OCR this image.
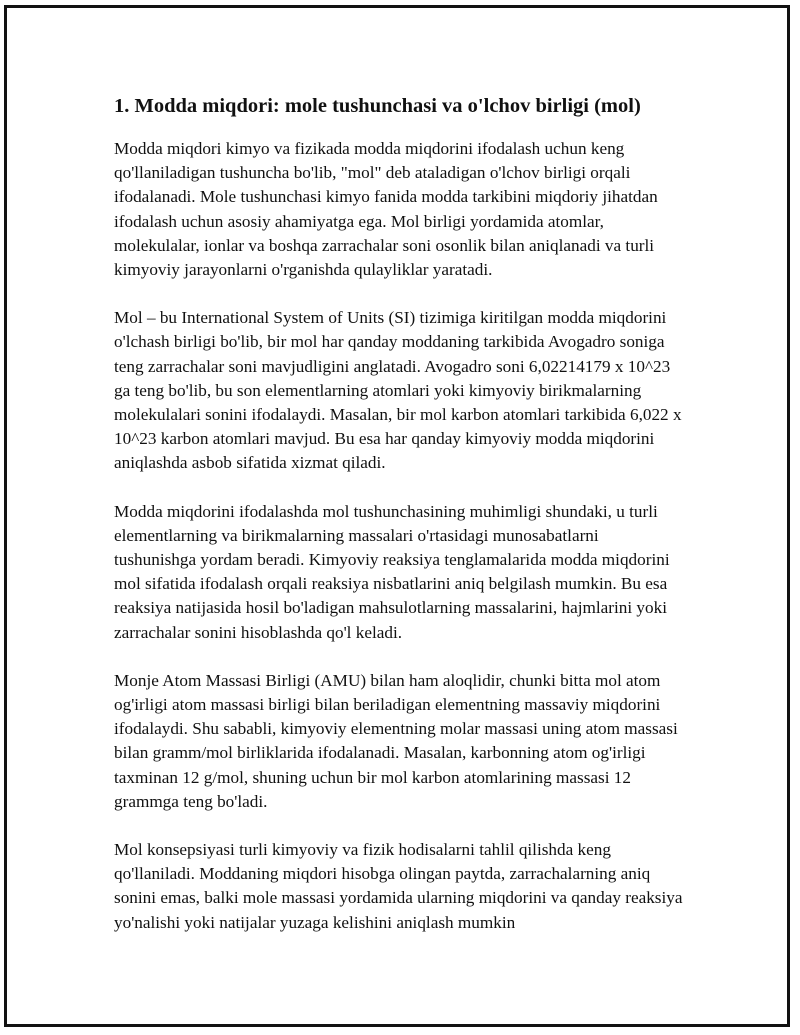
1. Modda miqdori: mole tushunchasi va o'lchov birligi (mol)

Modda miqdori kimyo va fizikada modda miqdorini ifodalash uchun keng qo'llaniladigan tushuncha bo'lib, "mol" deb ataladigan o'lchov birligi orqali ifodalanadi. Mole tushunchasi kimyo fanida modda tarkibini miqdoriy jihatdan ifodalash uchun asosiy ahamiyatga ega. Mol birligi yordamida atomlar, molekulalar, ionlar va boshqa zarrachalar soni osonlik bilan aniqlanadi va turli kimyoviy jarayonlarni o'rganishda qulayliklar yaratadi.

Mol – bu International System of Units (SI) tizimiga kiritilgan modda miqdorini o'lchash birligi bo'lib, bir mol har qanday moddaning tarkibida Avogadro soniga teng zarrachalar soni mavjudligini anglatadi. Avogadro soni 6,02214179 x 10^23 ga teng bo'lib, bu son elementlarning atomlari yoki kimyoviy birikmalarning molekulalari sonini ifodalaydi. Masalan, bir mol karbon atomlari tarkibida 6,022 x 10^23 karbon atomlari mavjud. Bu esa har qanday kimyoviy modda miqdorini aniqlashda asbob sifatida xizmat qiladi.

Modda miqdorini ifodalashda mol tushunchasining muhimligi shundaki, u turli elementlarning va birikmalarning massalari o'rtasidagi munosabatlarni tushunishga yordam beradi. Kimyoviy reaksiya tenglamalarida modda miqdorini mol sifatida ifodalash orqali reaksiya nisbatlarini aniq belgilash mumkin. Bu esa reaksiya natijasida hosil bo'ladigan mahsulotlarning massalarini, hajmlarini yoki zarrachalar sonini hisoblashda qo'l keladi.

Monje Atom Massasi Birligi (AMU) bilan ham aloqlidir, chunki bitta mol atom og'irligi atom massasi birligi bilan beriladigan elementning massaviy miqdorini ifodalaydi. Shu sababli, kimyoviy elementning molar massasi uning atom massasi bilan gramm/mol birliklarida ifodalanadi. Masalan, karbonning atom og'irligi taxminan 12 g/mol, shuning uchun bir mol karbon atomlarining massasi 12 grammga teng bo'ladi.

Mol konsepsiyasi turli kimyoviy va fizik hodisalarni tahlil qilishda keng qo'llaniladi. Moddaning miqdori hisobga olingan paytda, zarrachalarning aniq sonini emas, balki mole massasi yordamida ularning miqdorini va qanday reaksiya yo'nalishi yoki natijalar yuzaga kelishini aniqlash mumkin
